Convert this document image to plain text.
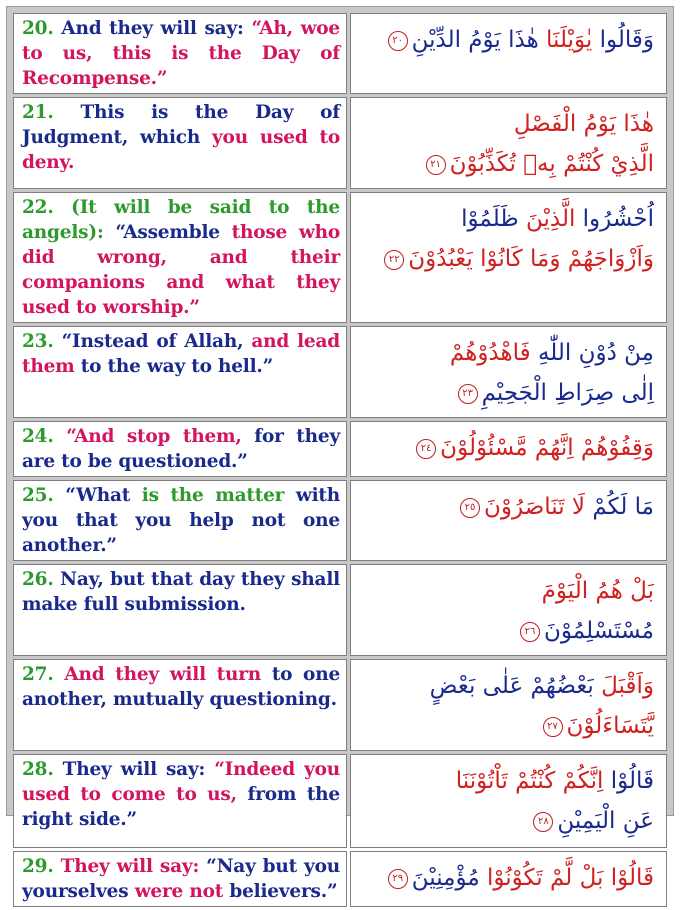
20. And they will say: “Ah, woe to us, this is the Day of Recompense.”	وَقَالُوا يٰوَيْلَنَا هٰذَا يَوْمُ الدِّيْنِ٢٠

21. This is the Day of Judgment, which you used to deny.	هٰذَا يَوْمُ الْفَصْلِ
الَّذِيْ كُنْتُمْ بِهٖ تُكَذِّبُوْنَ٢١

22. (It will be said to the angels): “Assemble those who did wrong, and their companions and what they used to worship.”	اُحْشُرُوا الَّذِيْنَ ظَلَمُوْا
وَاَزْوَاجَهُمْ وَمَا كَانُوْا يَعْبُدُوْنَ٢٢

23. “Instead of Allah, and lead them to the way to hell.”	مِنْ دُوْنِ اللّٰهِ فَاهْدُوْهُمْ
اِلٰى صِرَاطِ الْجَحِيْمِ٢٣

24. “And stop them, for they are to be questioned.”	وَقِفُوْهُمْ اِنَّهُمْ مَّسْئُوْلُوْنَ٢٤

25. “What is the matter with you that you help not one another.”	مَا لَكُمْ لَا تَنَاصَرُوْنَ٢٥

26. Nay, but that day they shall make full submission.	بَلْ هُمُ الْيَوْمَ
مُسْتَسْلِمُوْنَ٢٦

27. And they will turn to one another, mutually questioning.	وَاَقْبَلَ بَعْضُهُمْ عَلٰى بَعْضٍ
يَّتَسَاءَلُوْنَ٢٧

28. They will say: “Indeed you used to come to us, from the right side.”	قَالُوْا اِنَّكُمْ كُنْتُمْ تَاْتُوْنَنَا
عَنِ الْيَمِيْنِ٢٨

29. They will say: “Nay but you yourselves were not believers.”	قَالُوْا بَلْ لَّمْ تَكُوْنُوْا مُؤْمِنِيْنَ٢٩
